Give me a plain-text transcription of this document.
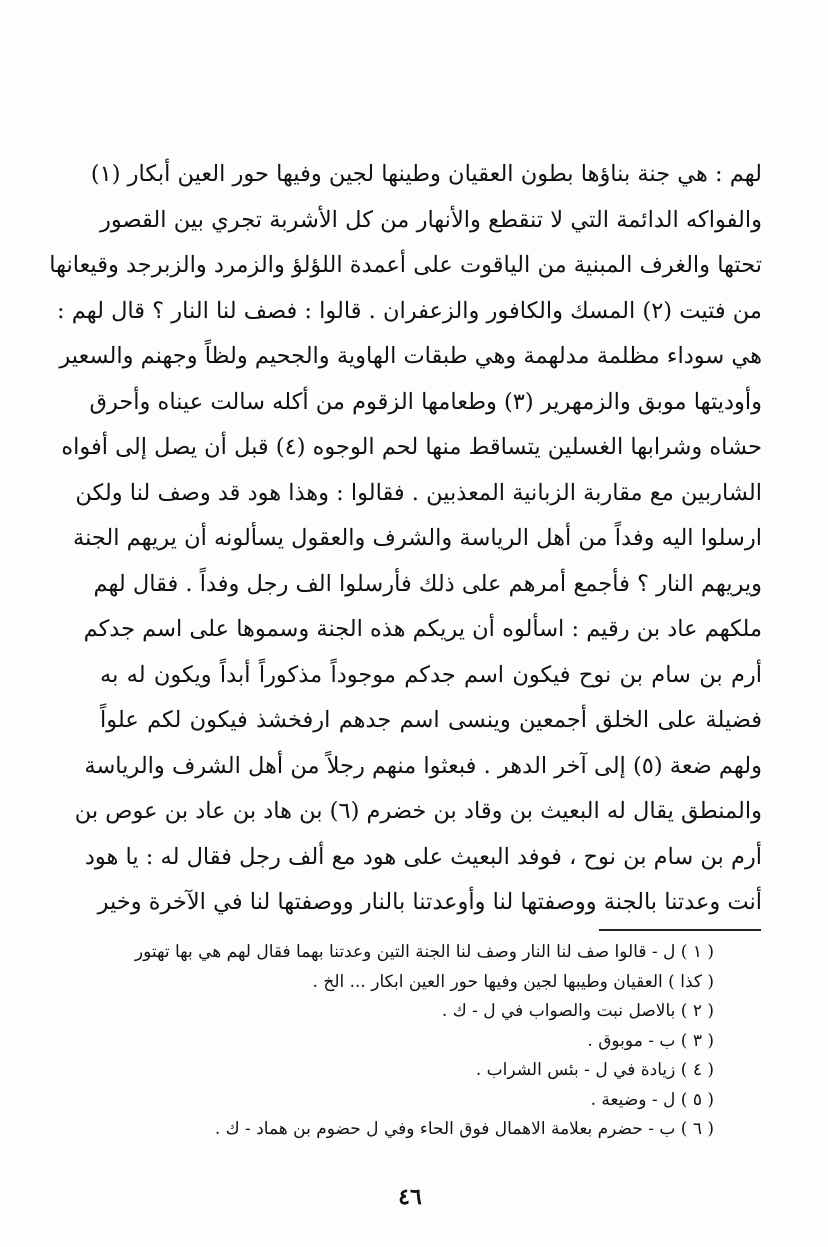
لهم : هي جنة بناؤها بطون العقيان وطينها لجين وفيها حور العين أبكار (١)
والفواكه الدائمة التي لا تنقطع والأنهار من كل الأشربة تجري بين القصور
تحتها والغرف المبنية من الياقوت على أعمدة اللؤلؤ والزمرد والزبرجد وقيعانها
من فتيت (٢) المسك والكافور والزعفران . قالوا : فصف لنا النار ؟ قال لهم :
هي سوداء مظلمة مدلهمة وهي طبقات الهاوية والجحيم ولظاً وجهنم والسعير
وأوديتها موبق والزمهرير (٣) وطعامها الزقوم من أكله سالت عيناه وأحرق
حشاه وشرابها الغسلين يتساقط منها لحم الوجوه (٤) قبل أن يصل إلى أفواه
الشاربين مع مقاربة الزبانية المعذبين . فقالوا : وهذا هود قد وصف لنا ولكن
ارسلوا اليه وفداً من أهل الرياسة والشرف والعقول يسألونه أن يريهم الجنة
ويريهم النار ؟ فأجمع أمرهم على ذلك فأرسلوا الف رجل وفداً . فقال لهم
ملكهم عاد بن رقيم : اسألوه أن يريكم هذه الجنة وسموها على اسم جدكم
أرم بن سام بن نوح فيكون اسم جدكم موجوداً مذكوراً أبداً ويكون له به
فضيلة على الخلق أجمعين وينسى اسم جدهم ارفخشذ فيكون لكم علواً
ولهم ضعة (٥) إلى آخر الدهر . فبعثوا منهم رجلاً من أهل الشرف والرياسة
والمنطق يقال له البعيث بن وقاد بن خضرم (٦) بن هاد بن عاد بن عوص بن
أرم بن سام بن نوح ، فوفد البعيث على هود مع ألف رجل فقال له : يا هود
أنت وعدتنا بالجنة ووصفتها لنا وأوعدتنا بالنار ووصفتها لنا في الآخرة وخير
( ١ ) ل - قالوا صف لنا النار وصف لنا الجنة التين وعدتنا بهما فقال لهم هي بها تهتور
( كذا ) العقيان وطيبها لجين وفيها حور العين ابكار ... الخ .
( ٢ ) بالاصل نبت والصواب في ل - ك .
( ٣ ) ب - موبوق .
( ٤ ) زيادة في ل - بئس الشراب .
( ٥ ) ل - وضيعة .
( ٦ ) ب - حضرم بعلامة الاهمال فوق الحاء وفي ل حضوم بن هماد - ك .
٤٦
